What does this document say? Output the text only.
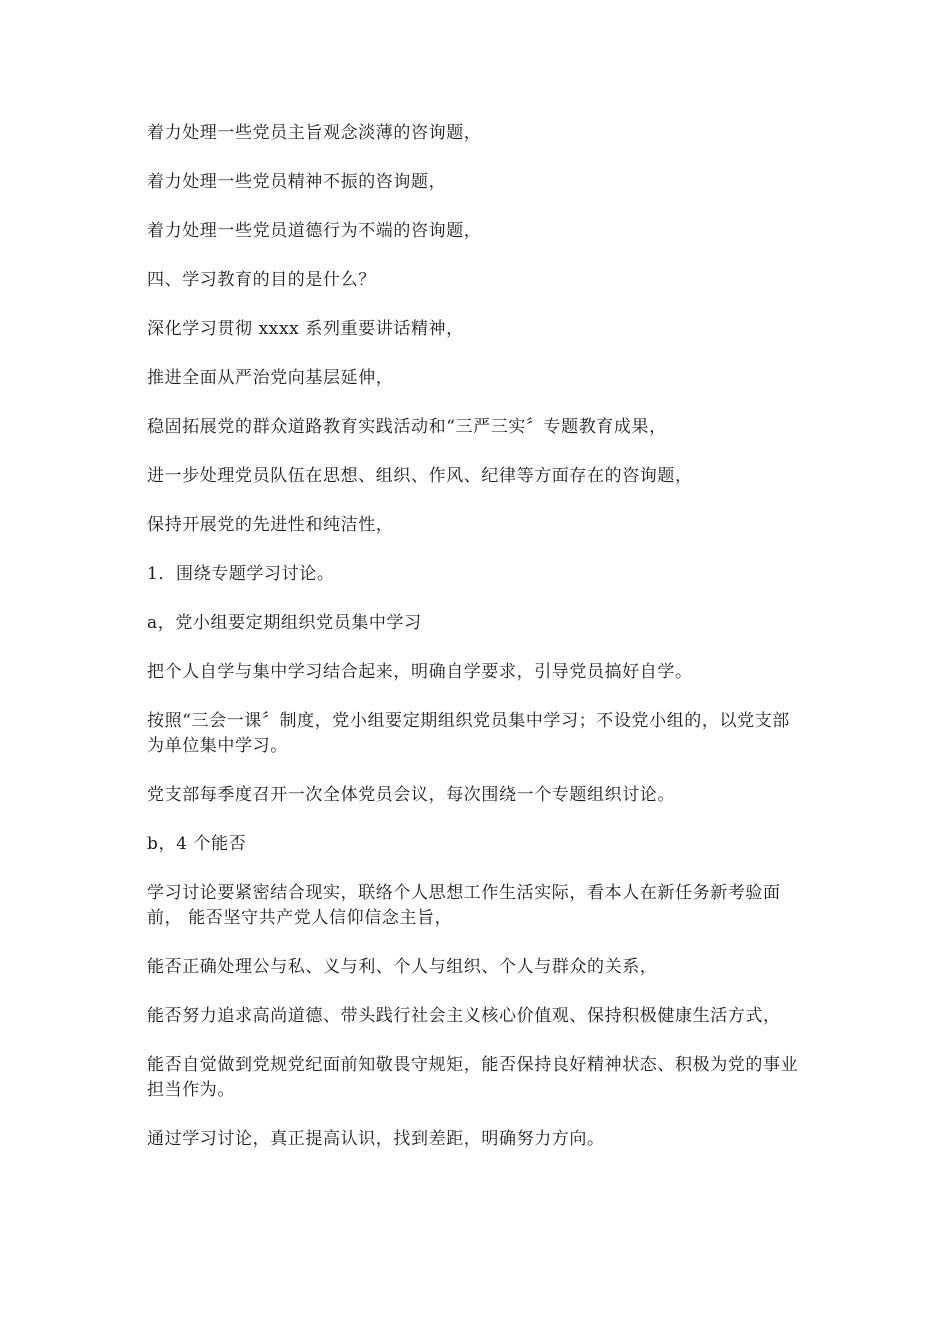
着力处理一些党员主旨观念淡薄的咨询题，

着力处理一些党员精神不振的咨询题，

着力处理一些党员道德行为不端的咨询题，

四、学习教育的目的是什么？

深化学习贯彻 xxxx 系列重要讲话精神，

推进全面从严治党向基层延伸，

稳固拓展党的群众道路教育实践活动和“三严三实〞专题教育成果，

进一步处理党员队伍在思想、组织、作风、纪律等方面存在的咨询题，

保持开展党的先进性和纯洁性，

1．围绕专题学习讨论。

a，党小组要定期组织党员集中学习

把个人自学与集中学习结合起来，明确自学要求，引导党员搞好自学。

按照“三会一课〞制度，党小组要定期组织党员集中学习；不设党小组的，以党支部为单位集中学习。

党支部每季度召开一次全体党员会议，每次围绕一个专题组织讨论。

b，4 个能否

学习讨论要紧密结合现实，联络个人思想工作生活实际，看本人在新任务新考验面前， 能否坚守共产党人信仰信念主旨，

能否正确处理公与私、义与利、个人与组织、个人与群众的关系，

能否努力追求高尚道德、带头践行社会主义核心价值观、保持积极健康生活方式，

能否自觉做到党规党纪面前知敬畏守规矩，能否保持良好精神状态、积极为党的事业担当作为。

通过学习讨论，真正提高认识，找到差距，明确努力方向。
